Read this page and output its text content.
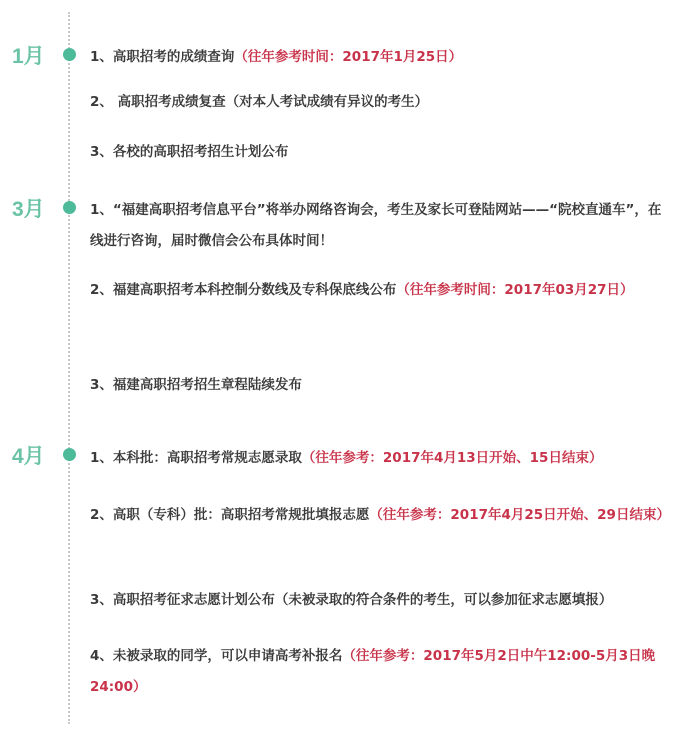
1月	1、高职招考的成绩查询（往年参考时间：2017年1月25日）
2、 高职招考成绩复查（对本人考试成绩有异议的考生）
3、各校的高职招考招生计划公布
3月	1、“福建高职招考信息平台”将举办网络咨询会，考生及家长可登陆网站——“院校直通车”，在线进行咨询，届时微信会公布具体时间！
2、福建高职招考本科控制分数线及专科保底线公布（往年参考时间：2017年03月27日）
3、福建高职招考招生章程陆续发布
4月	1、本科批：高职招考常规志愿录取（往年参考：2017年4月13日开始、15日结束）
2、高职（专科）批：高职招考常规批填报志愿（往年参考：2017年4月25日开始、29日结束）
3、高职招考征求志愿计划公布（未被录取的符合条件的考生，可以参加征求志愿填报）
4、未被录取的同学，可以申请高考补报名（往年参考：2017年5月2日中午12:00-5月3日晚24:00）
